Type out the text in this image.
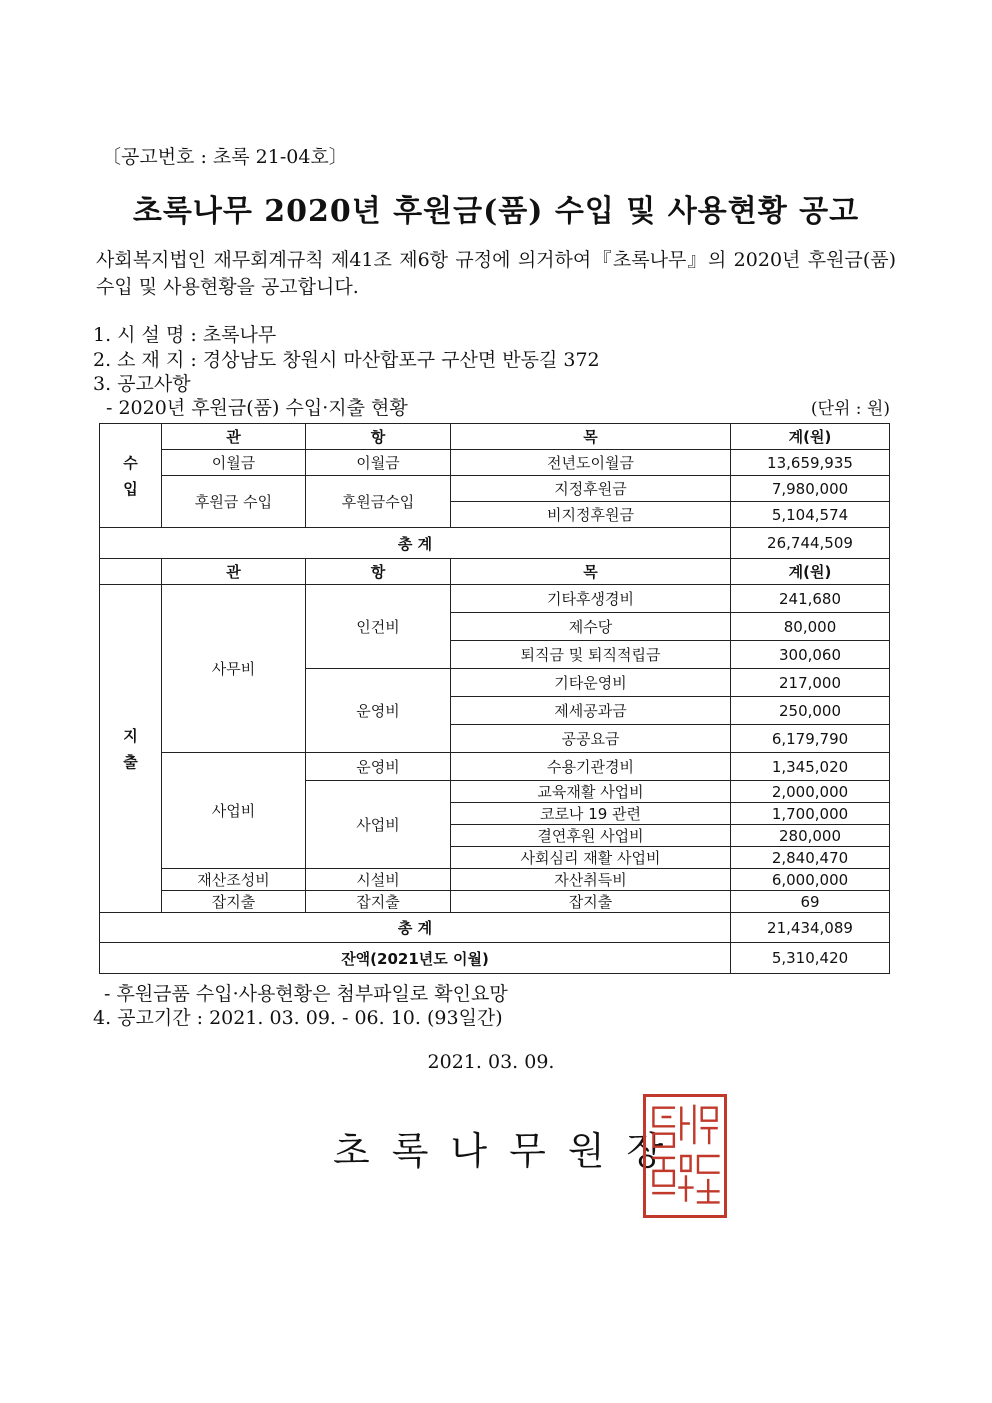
〔공고번호 : 초록 21-04호〕
초록나무 2020년 후원금(품) 수입 및 사용현황 공고
사회복지법인 재무회계규칙 제41조 제6항 규정에 의거하여『초록나무』의 2020년 후원금(품) 수입 및 사용현황을 공고합니다.
1. 시 설 명 : 초록나무
2. 소 재 지 : 경상남도 창원시 마산합포구 구산면 반동길 372
3. 공고사항
- 2020년 후원금(품) 수입·지출 현황	(단위 : 원)
수
입	관	항	목	계(원)
	이월금	이월금	전년도이월금	13,659,935
	후원금 수입	후원금수입	지정후원금	7,980,000
			비지정후원금	5,104,574
총 계				26,744,509
	관	항	목	계(원)

지
출	사무비	인건비	기타후생경비	241,680
			제수당	80,000
			퇴직금 및 퇴직적립금	300,060
		운영비	기타운영비	217,000
			제세공과금	250,000
			공공요금	6,179,790
	사업비	운영비	수용기관경비	1,345,020
		사업비	교육재활 사업비	2,000,000
			코로나 19 관련	1,700,000
			결연후원 사업비	280,000
			사회심리 재활 사업비	2,840,470
	재산조성비	시설비	자산취득비	6,000,000
	잡지출	잡지출	잡지출	69
총 계				21,434,089
잔액(2021년도 이월)				5,310,420
- 후원금품 수입·사용현황은 첨부파일로 확인요망
4. 공고기간 : 2021. 03. 09. - 06. 10. (93일간)
2021. 03. 09.
초록나무원장
